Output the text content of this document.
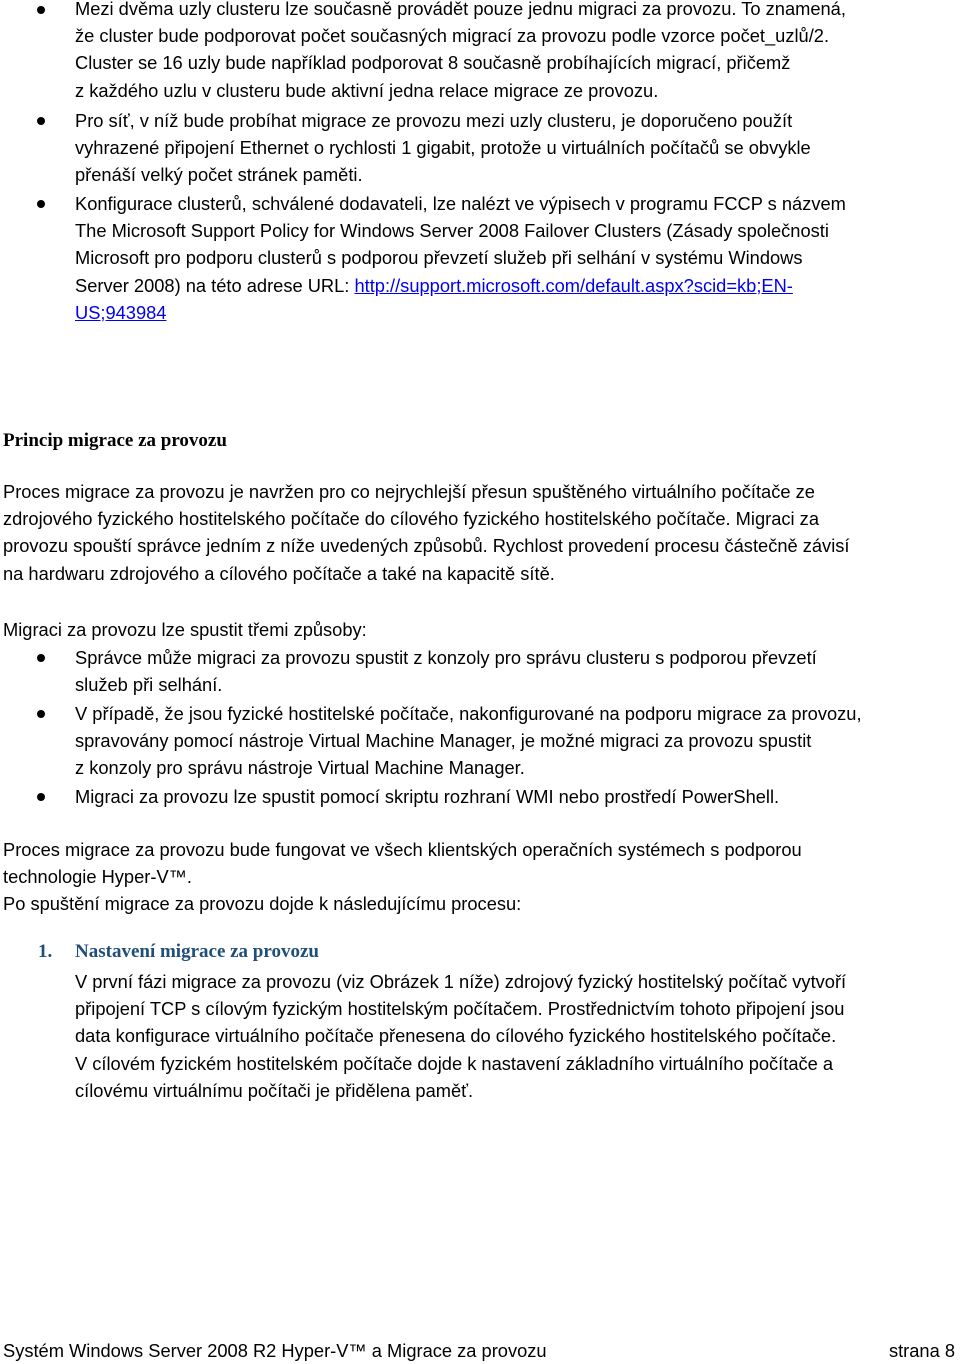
Mezi dvěma uzly clusteru lze současně provádět pouze jednu migraci za provozu. To znamená,
že cluster bude podporovat počet současných migrací za provozu podle vzorce počet_uzlů/2.
Cluster se 16 uzly bude například podporovat 8 současně probíhajících migrací, přičemž
z každého uzlu v clusteru bude aktivní jedna relace migrace ze provozu.

Pro síť, v níž bude probíhat migrace ze provozu mezi uzly clusteru, je doporučeno použít
vyhrazené připojení Ethernet o rychlosti 1 gigabit, protože u virtuálních počítačů se obvykle
přenáší velký počet stránek paměti.

Konfigurace clusterů, schválené dodavateli, lze nalézt ve výpisech v programu FCCP s názvem
The Microsoft Support Policy for Windows Server 2008 Failover Clusters (Zásady společnosti
Microsoft pro podporu clusterů s podporou převzetí služeb při selhání v systému Windows
Server 2008) na této adrese URL: http://support.microsoft.com/default.aspx?scid=kb;EN-
US;943984

Princip migrace za provozu

Proces migrace za provozu je navržen pro co nejrychlejší přesun spuštěného virtuálního počítače ze
zdrojového fyzického hostitelského počítače do cílového fyzického hostitelského počítače. Migraci za
provozu spouští správce jedním z níže uvedených způsobů. Rychlost provedení procesu částečně závisí
na hardwaru zdrojového a cílového počítače a také na kapacitě sítě.

Migraci za provozu lze spustit třemi způsoby:

Správce může migraci za provozu spustit z konzoly pro správu clusteru s podporou převzetí
služeb při selhání.

V případě, že jsou fyzické hostitelské počítače, nakonfigurované na podporu migrace za provozu,
spravovány pomocí nástroje Virtual Machine Manager, je možné migraci za provozu spustit
z konzoly pro správu nástroje Virtual Machine Manager.

Migraci za provozu lze spustit pomocí skriptu rozhraní WMI nebo prostředí PowerShell.

Proces migrace za provozu bude fungovat ve všech klientských operačních systémech s podporou
technologie Hyper-V™.
Po spuštění migrace za provozu dojde k následujícímu procesu:

1. Nastavení migrace za provozu

V první fázi migrace za provozu (viz Obrázek 1 níže) zdrojový fyzický hostitelský počítač vytvoří
připojení TCP s cílovým fyzickým hostitelským počítačem. Prostřednictvím tohoto připojení jsou
data konfigurace virtuálního počítače přenesena do cílového fyzického hostitelského počítače.
V cílovém fyzickém hostitelském počítače dojde k nastavení základního virtuálního počítače a
cílovému virtuálnímu počítači je přidělena paměť.

Systém Windows Server 2008 R2 Hyper-V™ a Migrace za provozu	strana 8
